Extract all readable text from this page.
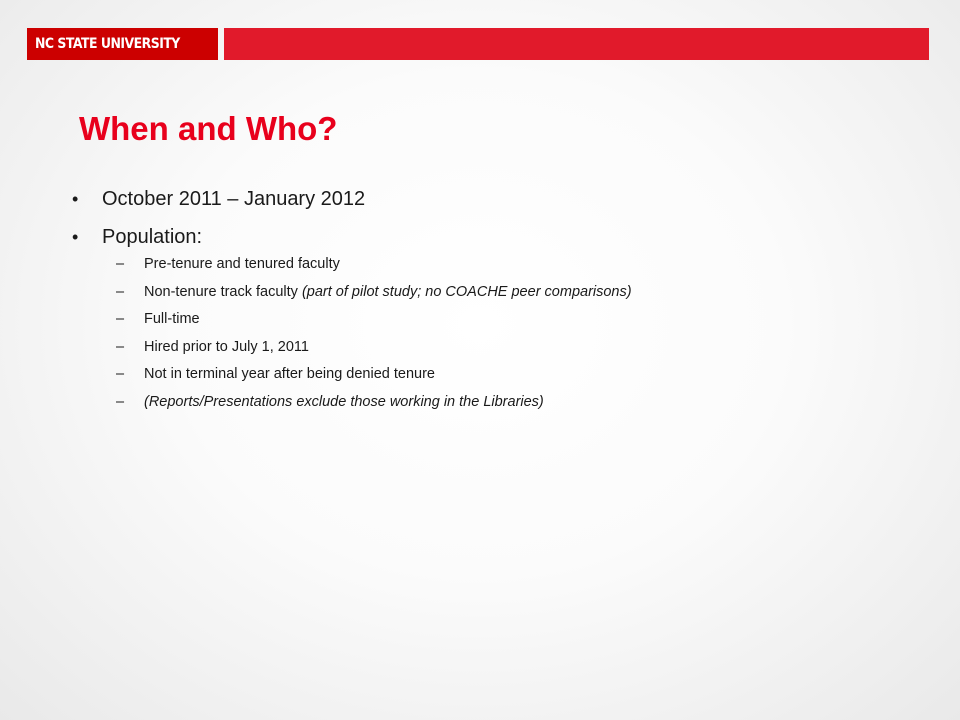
NC STATE UNIVERSITY
When and Who?
• October 2011 – January 2012
• Population:
– Pre-tenure and tenured faculty
– Non-tenure track faculty (part of pilot study; no COACHE peer comparisons)
– Full-time
– Hired prior to July 1, 2011
– Not in terminal year after being denied tenure
– (Reports/Presentations exclude those working in the Libraries)
